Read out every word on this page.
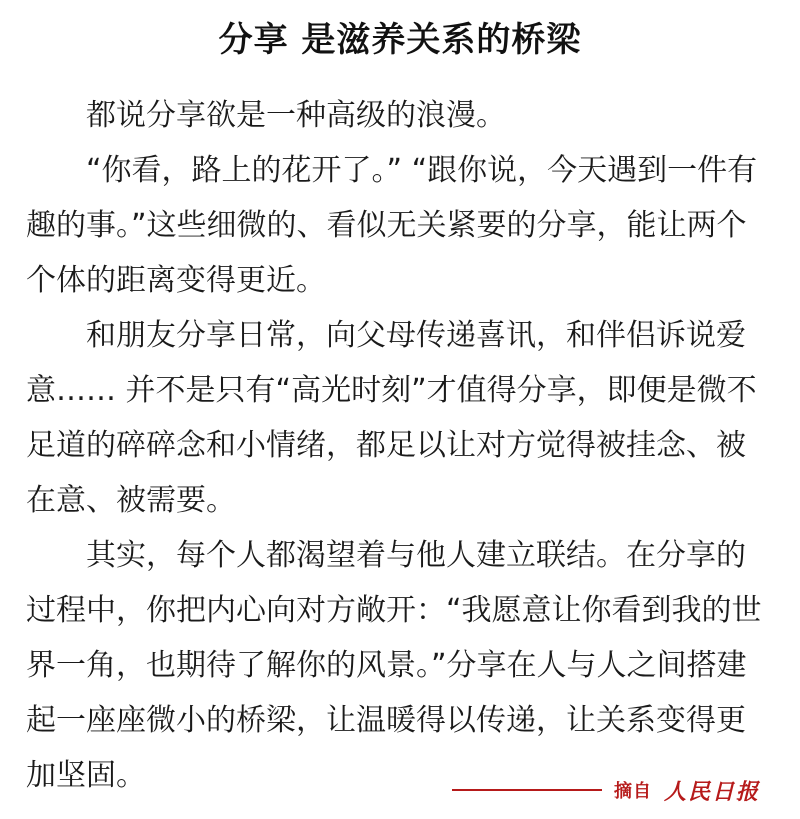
分享 是滋养关系的桥梁

都说分享欲是一种高级的浪漫。

“你看，路上的花开了。” “跟你说，今天遇到一件有趣的事。”这些细微的、看似无关紧要的分享，能让两个个体的距离变得更近。

和朋友分享日常，向父母传递喜讯，和伴侣诉说爱意…… 并不是只有“高光时刻”才值得分享，即便是微不足道的碎碎念和小情绪，都足以让对方觉得被挂念、被在意、被需要。

其实，每个人都渴望着与他人建立联结。在分享的过程中，你把内心向对方敞开：“我愿意让你看到我的世界一角，也期待了解你的风景。”分享在人与人之间搭建起一座座微小的桥梁，让温暖得以传递，让关系变得更加坚固。	摘自 人民日报
